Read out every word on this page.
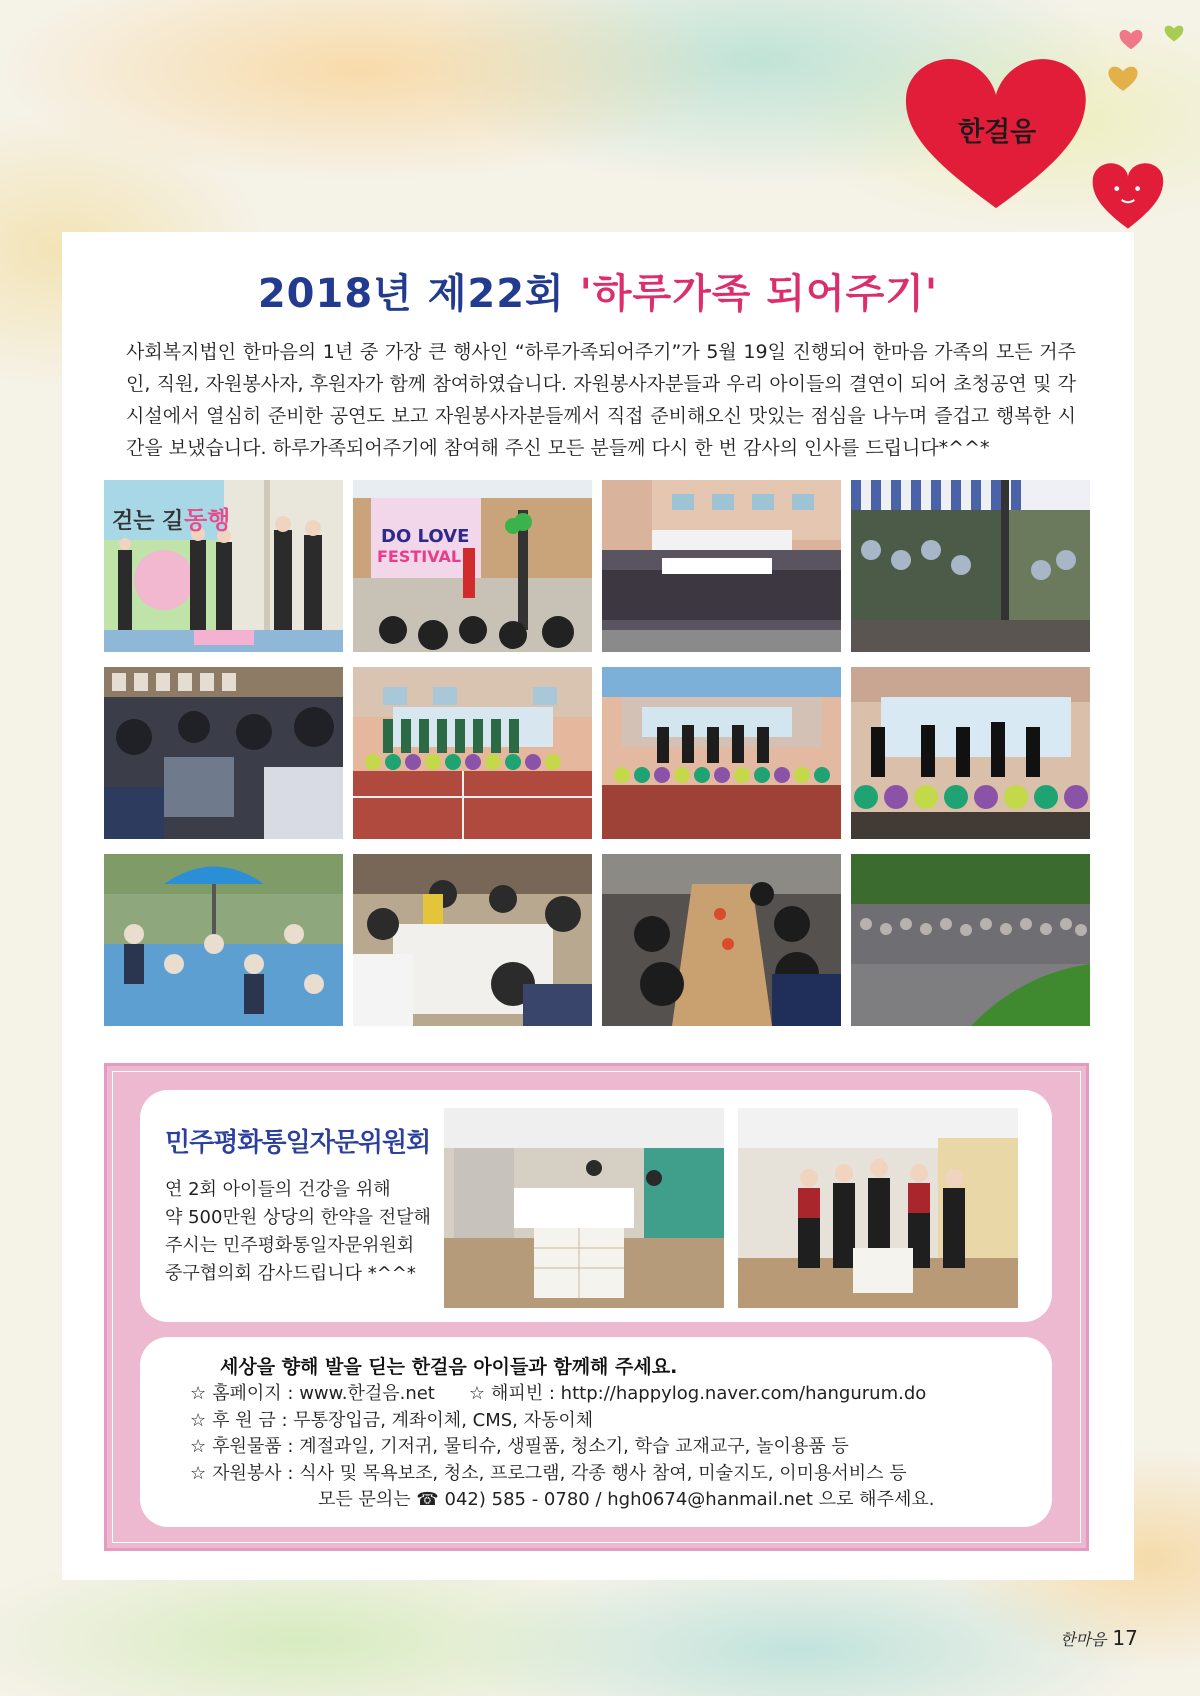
한걸음
2018년 제22회 '하루가족 되어주기'
사회복지법인 한마음의 1년 중 가장 큰 행사인 “하루가족되어주기”가 5월 19일 진행되어 한마음 가족의 모든 거주인, 직원, 자원봉사자, 후원자가 함께 참여하였습니다. 자원봉사자분들과 우리 아이들의 결연이 되어 초청공연 및 각 시설에서 열심히 준비한 공연도 보고 자원봉사자분들께서 직접 준비해오신 맛있는 점심을 나누며 즐겁고 행복한 시간을 보냈습니다. 하루가족되어주기에 참여해 주신 모든 분들께 다시 한 번 감사의 인사를 드립니다*^^*
걷는 길 동행
DO LOVE
FESTIVAL
민주평화통일자문위원회
연 2회 아이들의 건강을 위해
약 500만원 상당의 한약을 전달해
주시는 민주평화통일자문위원회
중구협의회 감사드립니다 *^^*
세상을 향해 발을 딛는 한걸음 아이들과 함께해 주세요.
☆ 홈페이지 : www.한걸음.net ☆ 해피빈 : http://happylog.naver.com/hangurum.do
☆ 후 원 금 : 무통장입금, 계좌이체, CMS, 자동이체
☆ 후원물품 : 계절과일, 기저귀, 물티슈, 생필품, 청소기, 학습 교재교구, 놀이용품 등
☆ 자원봉사 : 식사 및 목욕보조, 청소, 프로그램, 각종 행사 참여, 미술지도, 이미용서비스 등
모든 문의는 ☎ 042) 585 - 0780 / hgh0674@hanmail.net 으로 해주세요.
한마음 17
